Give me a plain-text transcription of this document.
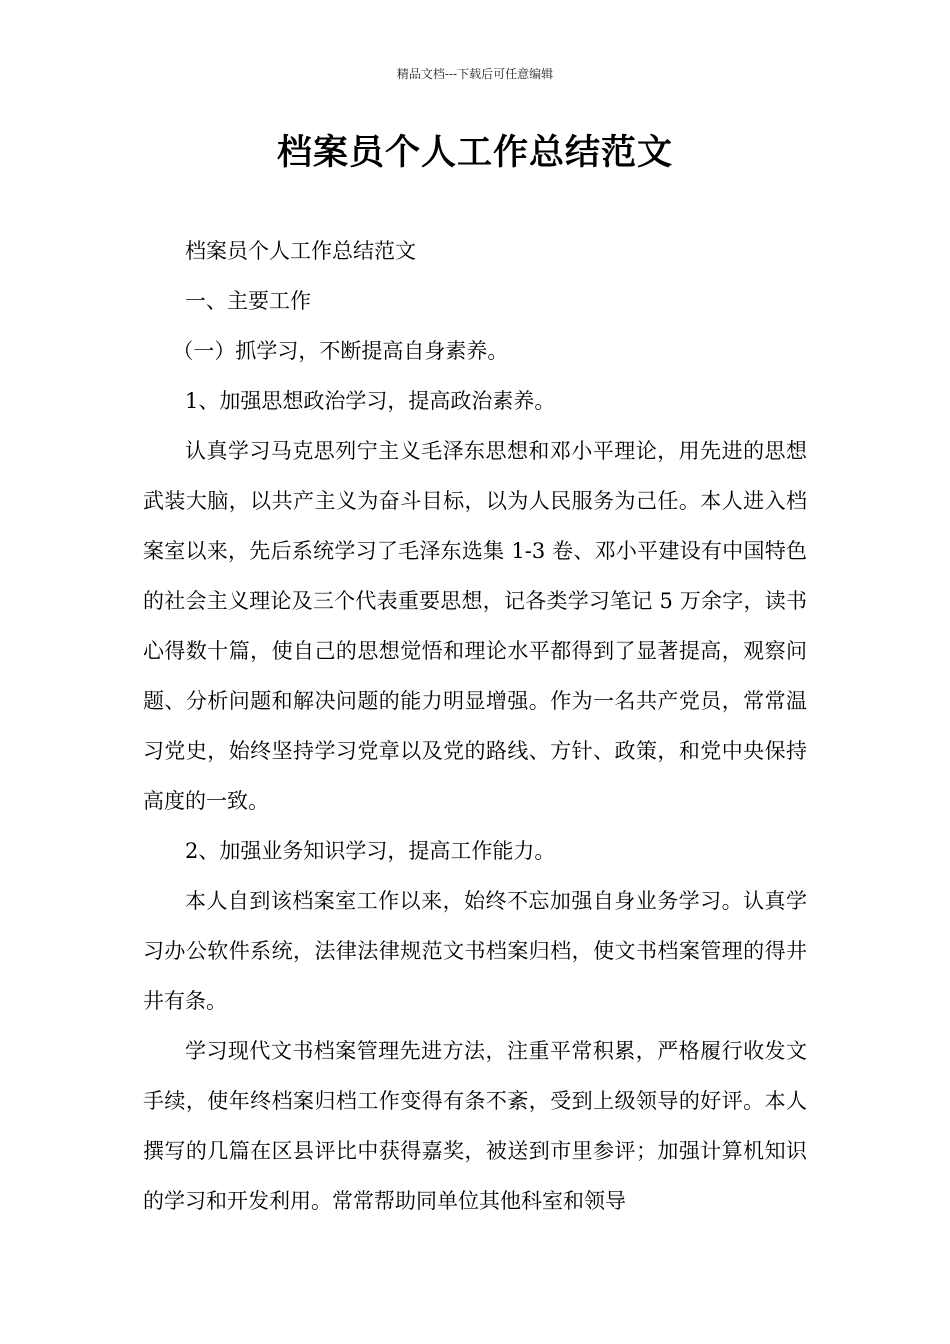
精品文档---下载后可任意编辑
档案员个人工作总结范文

档案员个人工作总结范文

一、主要工作

（一）抓学习，不断提高自身素养。

1、加强思想政治学习，提高政治素养。

认真学习马克思列宁主义毛泽东思想和邓小平理论，用先进的思想武装大脑，以共产主义为奋斗目标，以为人民服务为己任。本人进入档案室以来，先后系统学习了毛泽东选集 1-3 卷、邓小平建设有中国特色的社会主义理论及三个代表重要思想，记各类学习笔记 5 万余字，读书心得数十篇，使自己的思想觉悟和理论水平都得到了显著提高，观察问题、分析问题和解决问题的能力明显增强。作为一名共产党员，常常温习党史，始终坚持学习党章以及党的路线、方针、政策，和党中央保持高度的一致。

2、加强业务知识学习，提高工作能力。

本人自到该档案室工作以来，始终不忘加强自身业务学习。认真学习办公软件系统，法律法律规范文书档案归档，使文书档案管理的得井井有条。

学习现代文书档案管理先进方法，注重平常积累，严格履行收发文手续，使年终档案归档工作变得有条不紊，受到上级领导的好评。本人撰写的几篇在区县评比中获得嘉奖，被送到市里参评；加强计算机知识的学习和开发利用。常常帮助同单位其他科室和领导
